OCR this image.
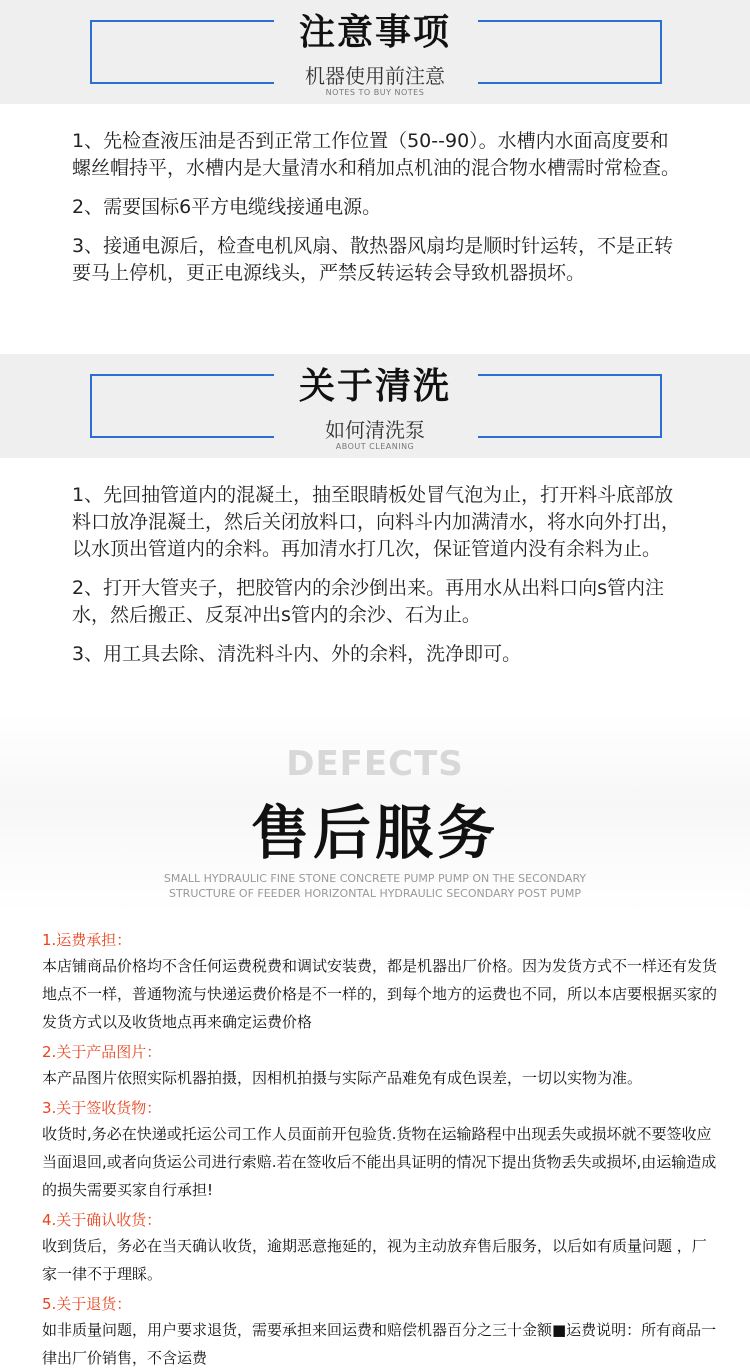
注意事项
机器使用前注意
NOTES TO BUY NOTES

1、先检查液压油是否到正常工作位置（50--90）。水槽内水面高度要和螺丝帽持平，水槽内是大量清水和稍加点机油的混合物水槽需时常检查。

2、需要国标6平方电缆线接通电源。

3、接通电源后，检查电机风扇、散热器风扇均是顺时针运转，不是正转要马上停机，更正电源线头，严禁反转运转会导致机器损坏。

关于清洗
如何清洗泵
ABOUT CLEANING

1、先回抽管道内的混凝土，抽至眼睛板处冒气泡为止，打开料斗底部放料口放净混凝土，然后关闭放料口，向料斗内加满清水，将水向外打出，以水顶出管道内的余料。再加清水打几次，保证管道内没有余料为止。

2、打开大管夹子，把胶管内的余沙倒出来。再用水从出料口向s管内注水，然后搬正、反泵冲出s管内的余沙、石为止。

3、用工具去除、清洗料斗内、外的余料，洗净即可。

DEFECTS
售后服务
SMALL HYDRAULIC FINE STONE CONCRETE PUMP PUMP ON THE SECONDARY
STRUCTURE OF FEEDER HORIZONTAL HYDRAULIC SECONDARY POST PUMP

1.运费承担：

本店铺商品价格均不含任何运费税费和调试安装费，都是机器出厂价格。因为发货方式不一样还有发货地点不一样，普通物流与快递运费价格是不一样的，到每个地方的运费也不同，所以本店要根据买家的发货方式以及收货地点再来确定运费价格

2.关于产品图片：

本产品图片依照实际机器拍摄，因相机拍摄与实际产品难免有成色误差，一切以实物为准。

3.关于签收货物：

收货时,务必在快递或托运公司工作人员面前开包验货.货物在运输路程中出现丢失或损坏就不要签收应当面退回,或者向货运公司进行索赔.若在签收后不能出具证明的情况下提出货物丢失或损坏,由运输造成的损失需要买家自行承担!

4.关于确认收货：

收到货后，务必在当天确认收货，逾期恶意拖延的，视为主动放弃售后服务，以后如有质量问题 ，厂家一律不于理睬。

5.关于退货：

如非质量问题，用户要求退货，需要承担来回运费和赔偿机器百分之三十金额■运费说明：所有商品一律出厂价销售，不含运费
